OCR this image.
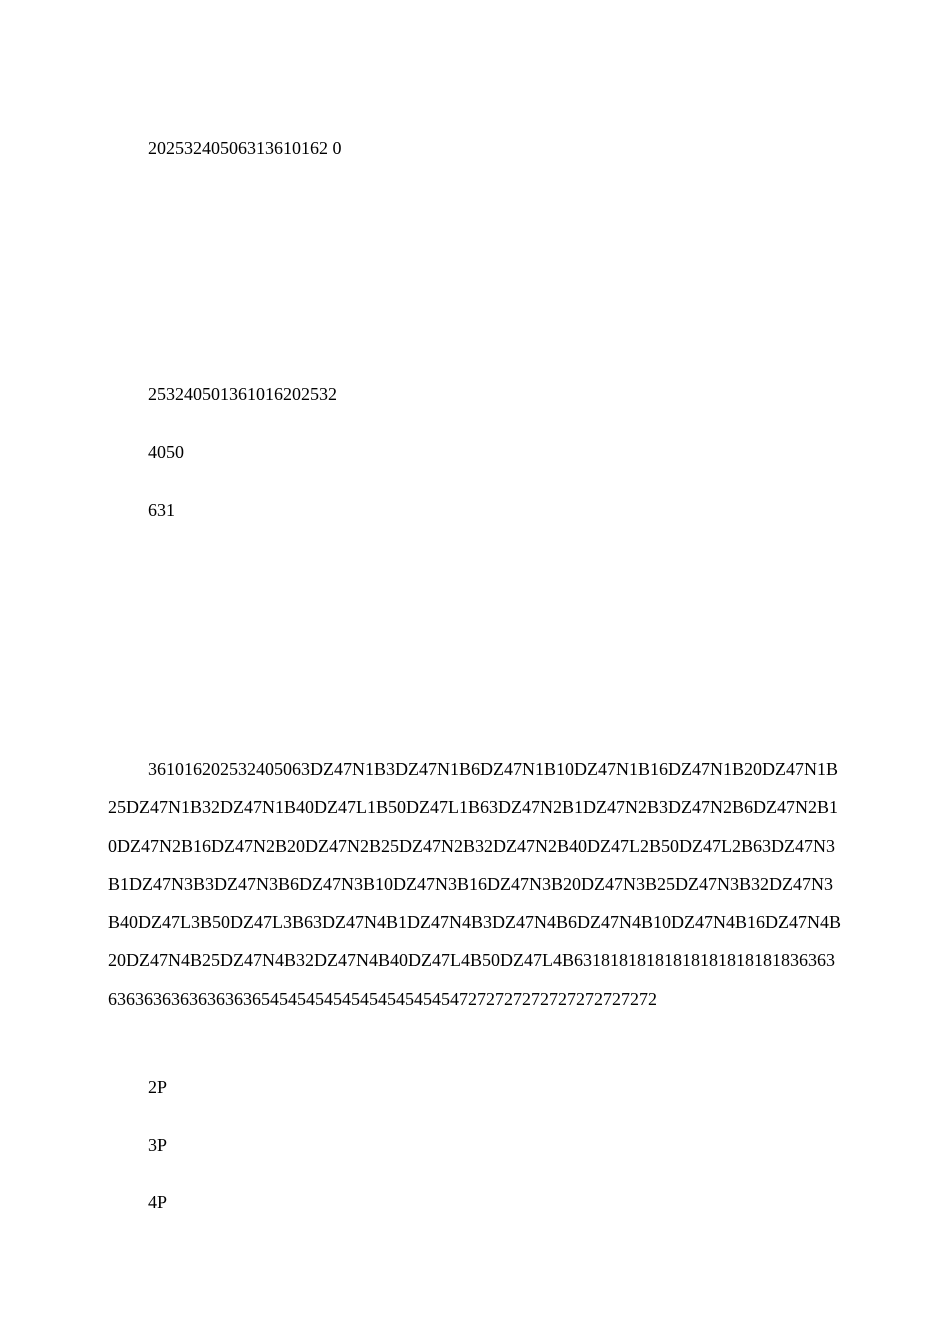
20253240506313610162 0
253240501361016202532
4050
631
361016202532405063DZ47N1B3DZ47N1B6DZ47N1B10DZ47N1B16DZ47N1B20DZ47N1B25DZ47N1B32DZ47N1B40DZ47L1B50DZ47L1B63DZ47N2B1DZ47N2B3DZ47N2B6DZ47N2B10DZ47N2B16DZ47N2B20DZ47N2B25DZ47N2B32DZ47N2B40DZ47L2B50DZ47L2B63DZ47N3B1DZ47N3B3DZ47N3B6DZ47N3B10DZ47N3B16DZ47N3B20DZ47N3B25DZ47N3B32DZ47N3B40DZ47L3B50DZ47L3B63DZ47N4B1DZ47N4B3DZ47N4B6DZ47N4B10DZ47N4B16DZ47N4B20DZ47N4B25DZ47N4B32DZ47N4B40DZ47L4B50DZ47L4B631818181818181818181818363636363636363636363654545454545454545454547272727272727272727272
2P
3P
4P
